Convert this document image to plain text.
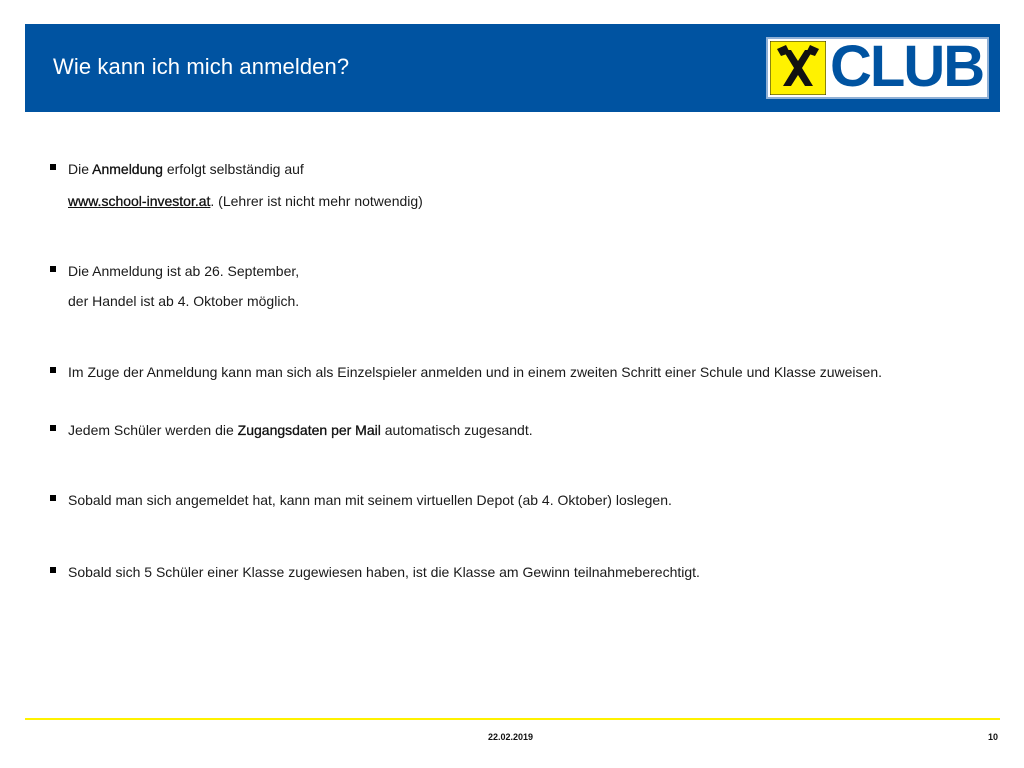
Wie kann ich mich anmelden?	CLUB
Die Anmeldung erfolgt selbständig auf
www.school-investor.at. (Lehrer ist nicht mehr notwendig)
Die Anmeldung ist ab 26. September,
der Handel ist ab 4. Oktober möglich.
Im Zuge der Anmeldung kann man sich als Einzelspieler anmelden und in einem zweiten Schritt einer Schule und Klasse zuweisen.
Jedem Schüler werden die Zugangsdaten per Mail automatisch zugesandt.
Sobald man sich angemeldet hat, kann man mit seinem virtuellen Depot (ab 4. Oktober) loslegen.
Sobald sich 5 Schüler einer Klasse zugewiesen haben, ist die Klasse am Gewinn teilnahmeberechtigt.
22.02.2019	10
